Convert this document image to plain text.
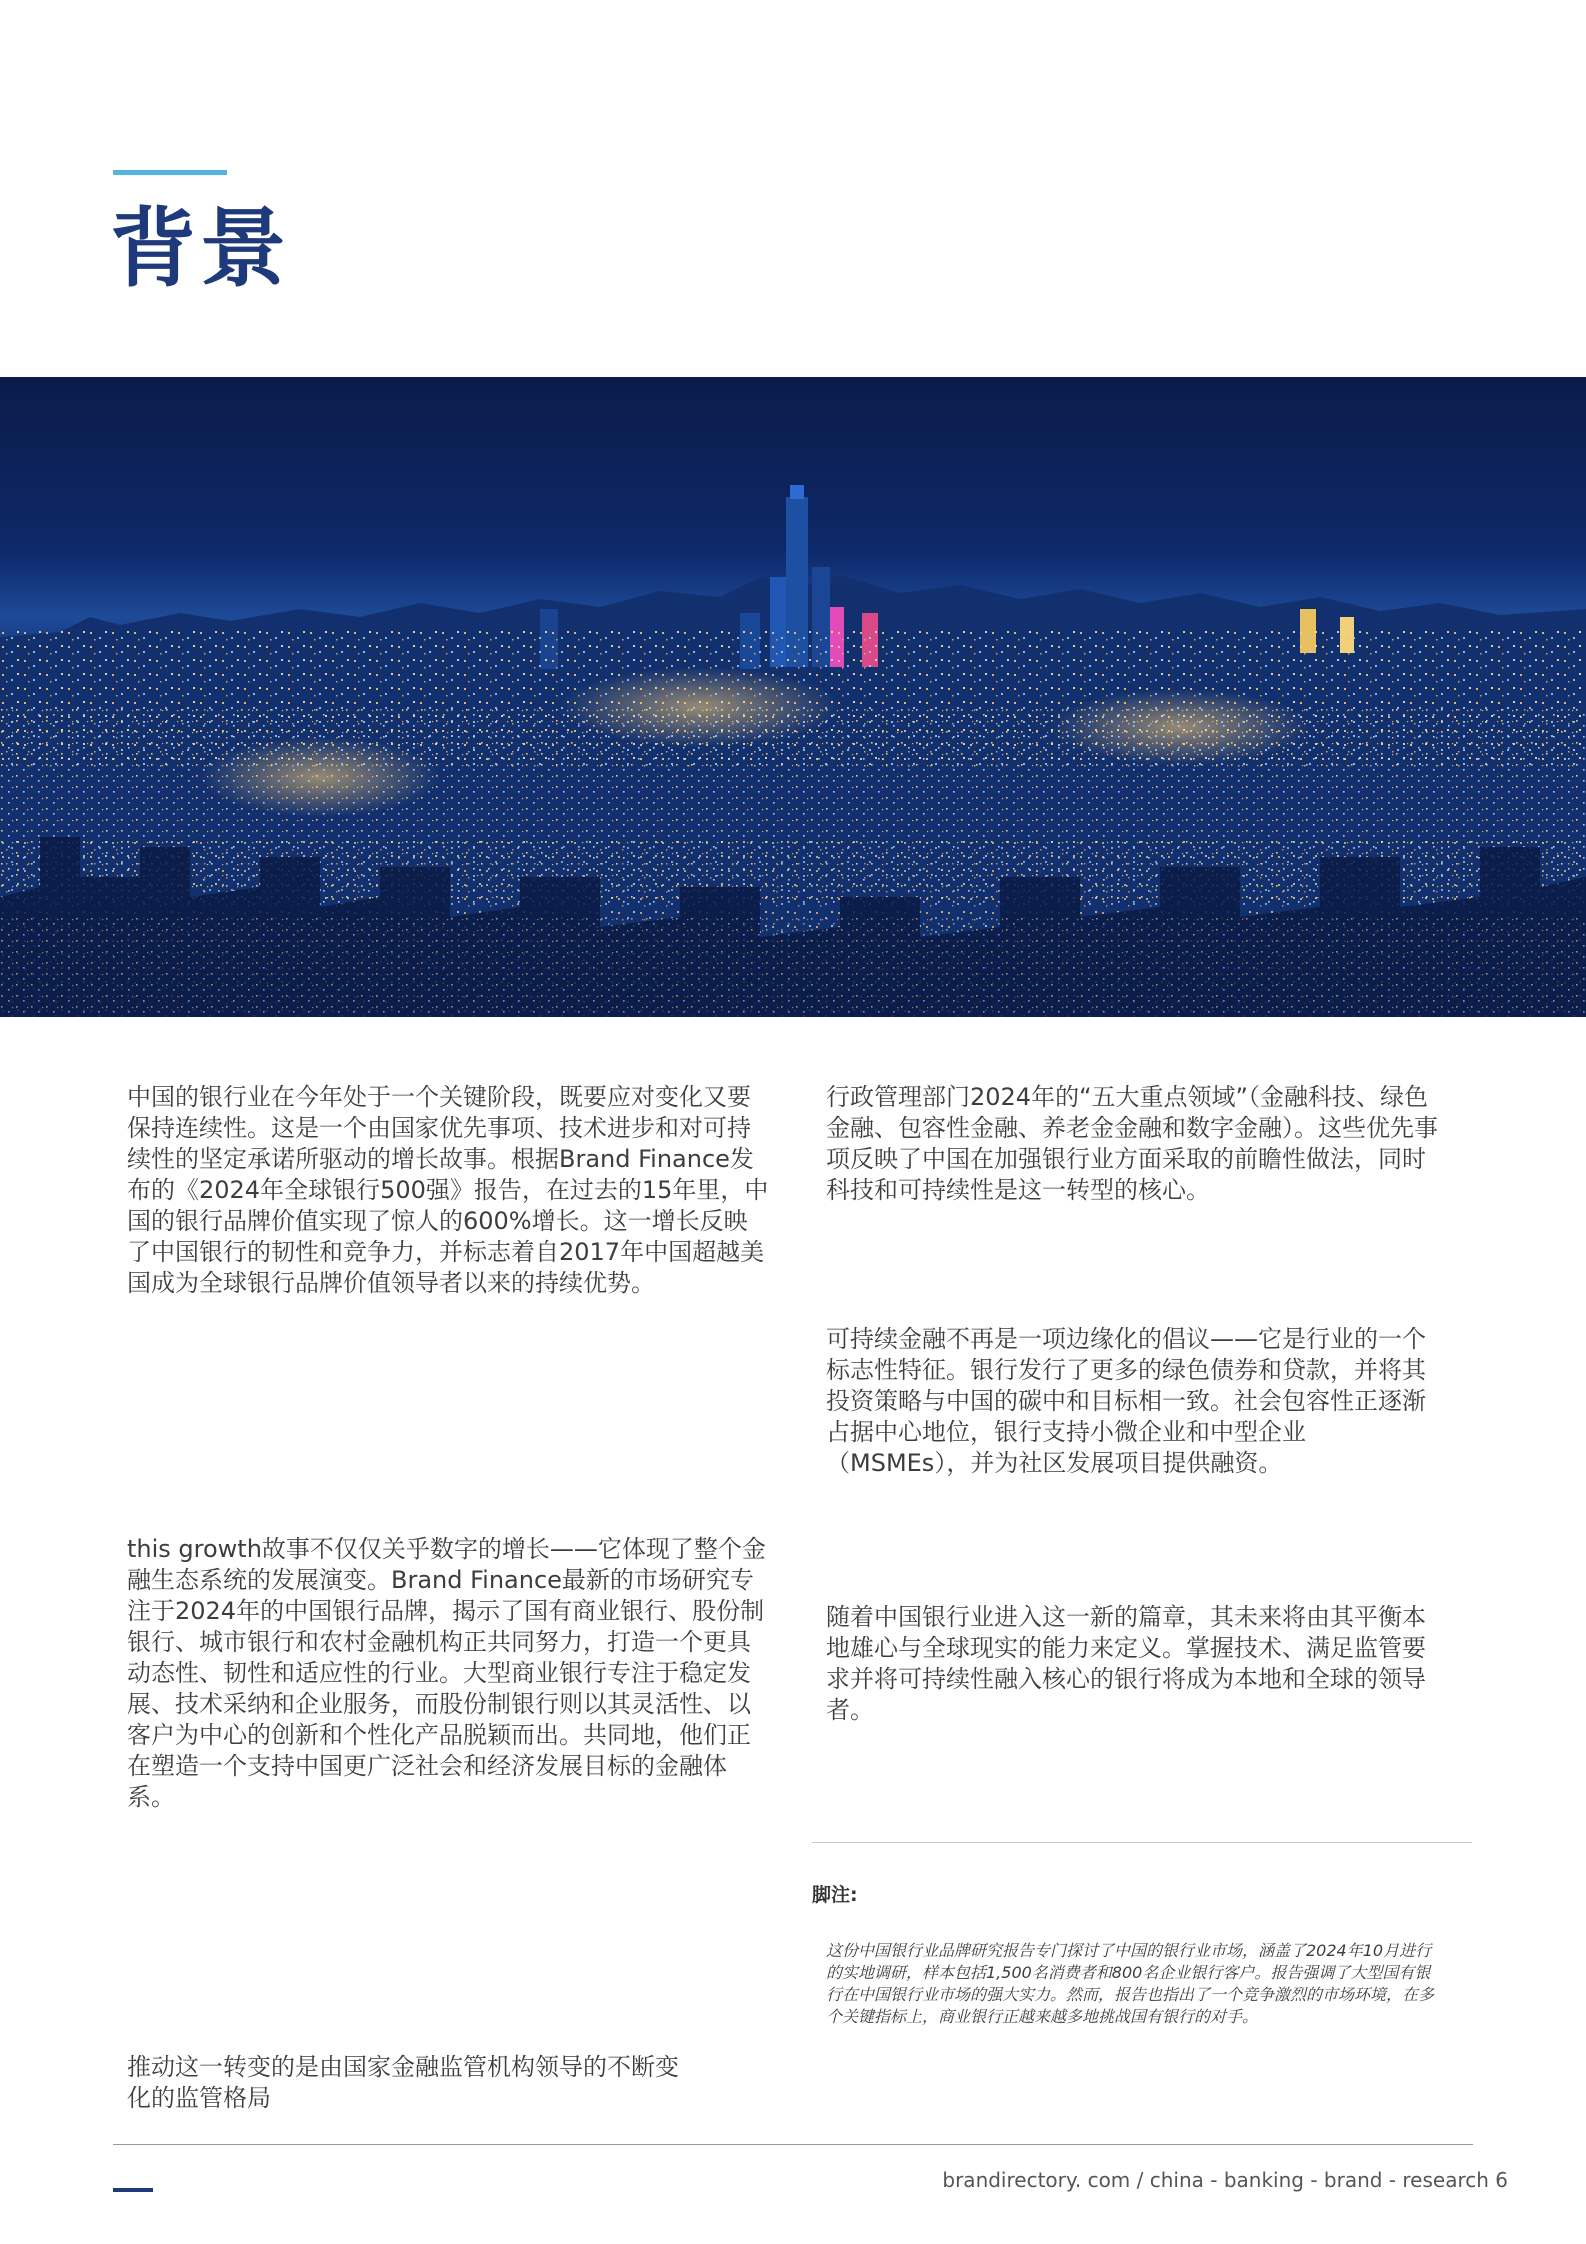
背景

中国的银行业在今年处于一个关键阶段，既要应对变化又要保持连续性。这是一个由国家优先事项、技术进步和对可持续性的坚定承诺所驱动的增长故事。根据Brand Finance发布的《2024年全球银行500强》报告，在过去的15年里，中国的银行品牌价值实现了惊人的600%增长。这一增长反映了中国银行的韧性和竞争力，并标志着自2017年中国超越美国成为全球银行品牌价值领导者以来的持续优势。

this growth故事不仅仅关乎数字的增长——它体现了整个金融生态系统的发展演变。Brand Finance最新的市场研究专注于2024年的中国银行品牌，揭示了国有商业银行、股份制银行、城市银行和农村金融机构正共同努力，打造一个更具动态性、韧性和适应性的行业。大型商业银行专注于稳定发展、技术采纳和企业服务，而股份制银行则以其灵活性、以客户为中心的创新和个性化产品脱颖而出。共同地，他们正在塑造一个支持中国更广泛社会和经济发展目标的金融体系。

推动这一转变的是由国家金融监管机构领导的不断变化的监管格局

行政管理部门2024年的“五大重点领域”（金融科技、绿色金融、包容性金融、养老金金融和数字金融）。这些优先事项反映了中国在加强银行业方面采取的前瞻性做法，同时科技和可持续性是这一转型的核心。

可持续金融不再是一项边缘化的倡议——它是行业的一个标志性特征。银行发行了更多的绿色债券和贷款，并将其投资策略与中国的碳中和目标相一致。社会包容性正逐渐占据中心地位，银行支持小微企业和中型企业（MSMEs），并为社区发展项目提供融资。

随着中国银行业进入这一新的篇章，其未来将由其平衡本地雄心与全球现实的能力来定义。掌握技术、满足监管要求并将可持续性融入核心的银行将成为本地和全球的领导者。

脚注:

这份中国银行业品牌研究报告专门探讨了中国的银行业市场，涵盖了2024年10月进行的实地调研，样本包括1,500名消费者和800名企业银行客户。报告强调了大型国有银行在中国银行业市场的强大实力。然而，报告也指出了一个竞争激烈的市场环境，在多个关键指标上，商业银行正越来越多地挑战国有银行的对手。

brandirectory. com / china - banking - brand - research 6
